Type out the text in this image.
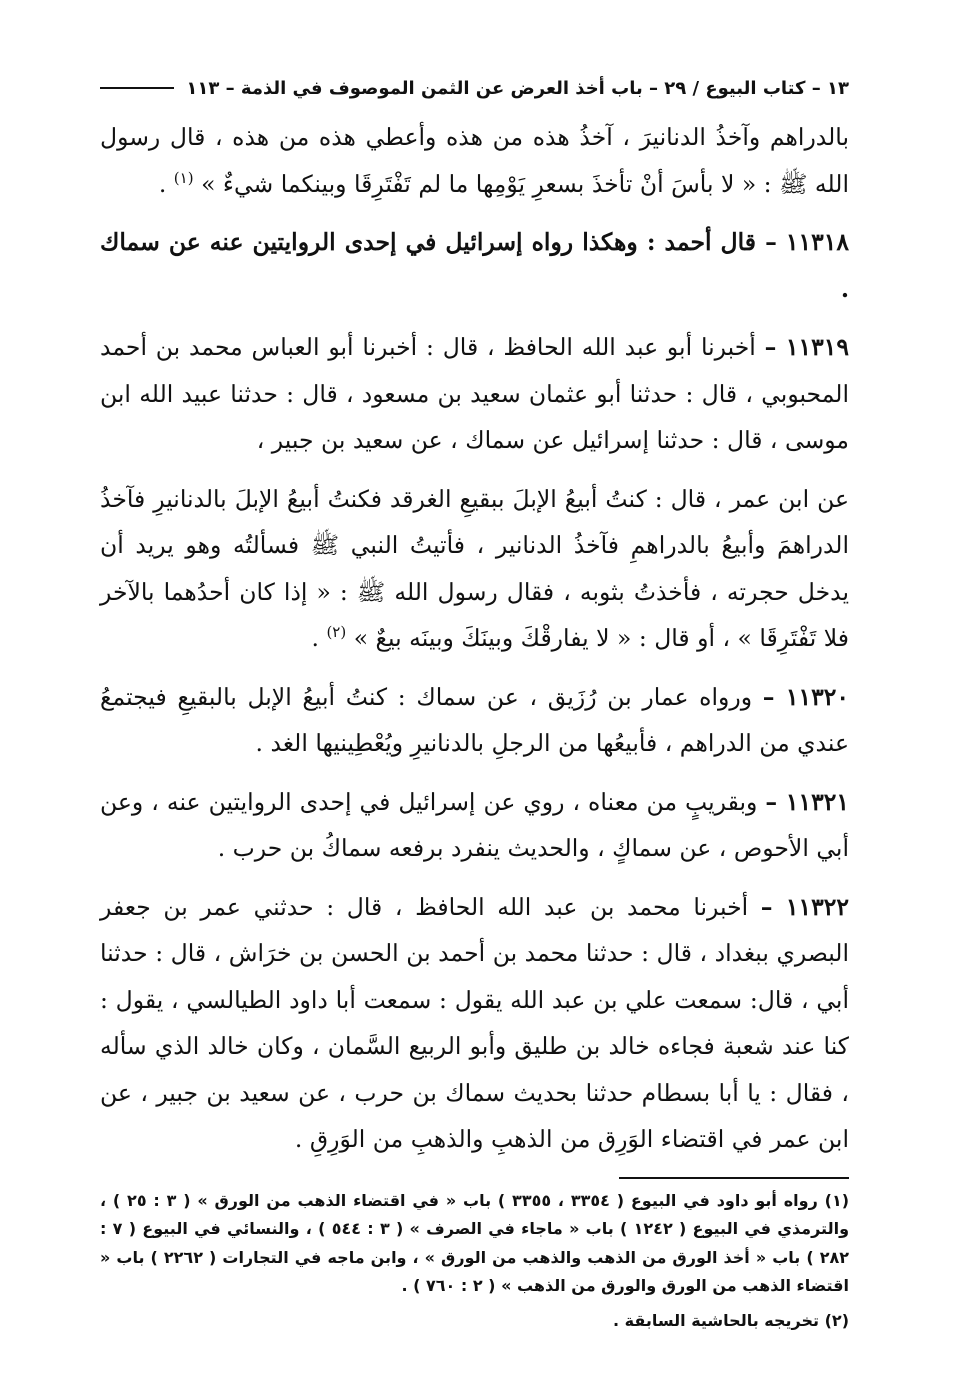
١٣ – كتاب البيوع / ٢٩ – باب أخذ العرض عن الثمن الموصوف في الذمة – ١١٣

بالدراهم وآخذُ الدنانيرَ ، آخذُ هذه من هذه وأعطي هذه من هذه ، قال رسول الله ﷺ : « لا بأسَ أنْ تأخذَ بسعرِ يَوْمِها ما لم تَفْتَرِقَا وبينكما شيءٌ » $^{(١)}$ .

١١٣١٨ – قال أحمد : وهكذا رواه إسرائيل في إحدى الروايتين عنه عن سماك .

١١٣١٩ – أخبرنا أبو عبد الله الحافظ ، قال : أخبرنا أبو العباس محمد بن أحمد المحبوبي ، قال : حدثنا أبو عثمان سعيد بن مسعود ، قال : حدثنا عبيد الله ابن موسى ، قال : حدثنا إسرائيل عن سماك ، عن سعيد بن جبير ،

عن ابن عمر ، قال : كنتُ أبيعُ الإبلَ ببقيعِ الغرقد فكنتُ أبيعُ الإبلَ بالدنانيرِ فآخذُ الدراهمَ وأبيعُ بالدراهمِ فآخذُ الدنانير ، فأتيتُ النبي ﷺ فسألتُه وهو يريد أن يدخل حجرته ، فأخذتُ بثوبه ، فقال رسول الله ﷺ : « إذا كان أحدُهما بالآخر فلا تَفْتَرِقَا » ، أو قال : « لا يفارقْكَ وبينَكَ وبينَه بيعٌ » $^{(٢)}$ .

١١٣٢٠ – ورواه عمار بن رُزَيق ، عن سماك : كنتُ أبيعُ الإبل بالبقيعِ فيجتمعُ عندي من الدراهم ، فأبيعُها من الرجلِ بالدنانيرِ ويُعْطِينيها الغد .

١١٣٢١ – وبقريبٍ من معناه ، روي عن إسرائيل في إحدى الروايتين عنه ، وعن أبي الأحوص ، عن سماكٍ ، والحديث ينفرد برفعه سماكُ بن حرب .

١١٣٢٢ – أخبرنا محمد بن عبد الله الحافظ ، قال : حدثني عمر بن جعفر البصري ببغداد ، قال : حدثنا محمد بن أحمد بن الحسن بن خرَاش ، قال : حدثنا أبي ، قال: سمعت علي بن عبد الله يقول : سمعت أبا داود الطيالسي ، يقول : كنا عند شعبة فجاءه خالد بن طليق وأبو الربيع السَّمان ، وكان خالد الذي سأله ، فقال : يا أبا بسطام حدثنا بحديث سماك بن حرب ، عن سعيد بن جبير ، عن ابن عمر في اقتضاء الوَرِق من الذهبِ والذهبِ من الوَرِقِ .

(١) رواه أبو داود في البيوع ( ٣٣٥٤ ، ٣٣٥٥ ) باب « في اقتضاء الذهب من الورق » ( ٣ : ٢٥ ) ، والترمذي في البيوع ( ١٢٤٢ ) باب « ماجاء في الصرف » ( ٣ : ٥٤٤ ) ، والنسائي في البيوع ( ٧ : ٢٨٢ ) باب « أخذ الورق من الذهب والذهب من الورق » ، وابن ماجه في التجارات ( ٢٢٦٢ ) باب « اقتضاء الذهب من الورق والورق من الذهب » ( ٢ : ٧٦٠ ) .

(٢) تخريجه بالحاشية السابقة .
